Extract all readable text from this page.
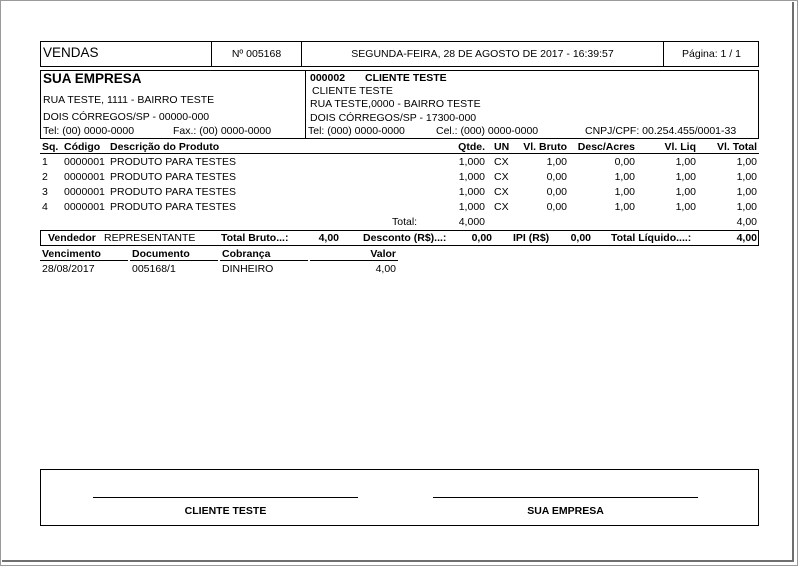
VENDAS	Nº 005168	SEGUNDA-FEIRA, 28 DE AGOSTO DE 2017 - 16:39:57	Página: 1 / 1
SUA EMPRESA
RUA TESTE, 1111 - BAIRRO TESTE
DOIS CÓRREGOS/SP - 00000-000
Tel: (00) 0000-0000	Fax.: (00) 0000-0000
000002 CLIENTE TESTE
CLIENTE TESTE
RUA TESTE,0000 - BAIRRO TESTE
DOIS CÓRREGOS/SP - 17300-000
Tel: (000) 0000-0000	Cel.: (000) 0000-0000	CNPJ/CPF: 00.254.455/0001-33
Sq. Código Descrição do Produto	Qtde. UN	Vl. Bruto	Desc/Acres	Vl. Liq	Vl. Total
1 0000001 PRODUTO PARA TESTES	1,000 CX	1,00	0,00	1,00	1,00
2 0000001 PRODUTO PARA TESTES	1,000 CX	0,00	1,00	1,00	1,00
3 0000001 PRODUTO PARA TESTES	1,000 CX	0,00	1,00	1,00	1,00
4 0000001 PRODUTO PARA TESTES	1,000 CX	0,00	1,00	1,00	1,00
Total:	4,000	4,00
Vendedor REPRESENTANTE Total Bruto...:	4,00 Desconto (R$)...:	0,00 IPI (R$)	0,00 Total Líquido....:	4,00
Vencimento	Documento	Cobrança	Valor
28/08/2017	005168/1	DINHEIRO	4,00
CLIENTE TESTE	SUA EMPRESA
